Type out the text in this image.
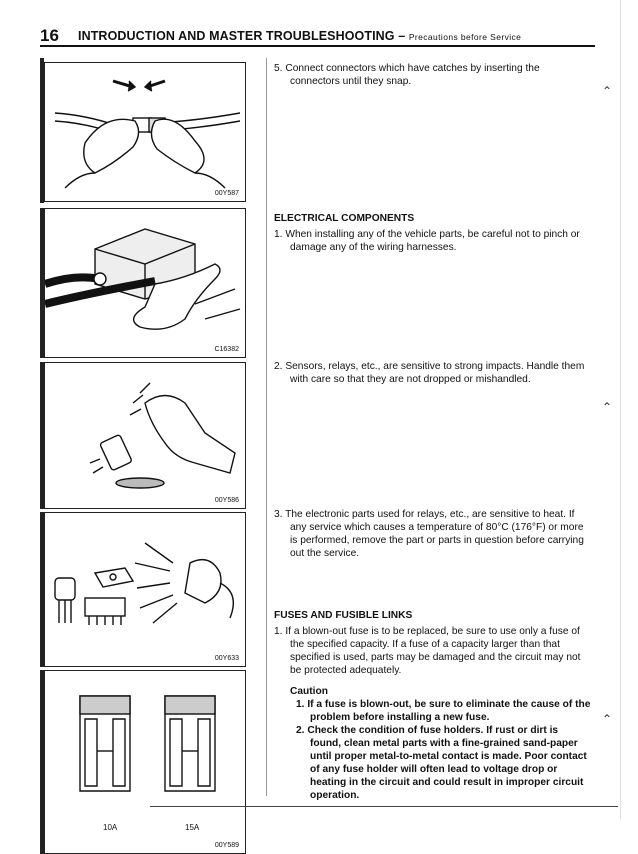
16 INTRODUCTION AND MASTER TROUBLESHOOTING – Precautions before Service
00Y587
C16382
00Y586
00Y633
10A	15A
00Y589

5. Connect connectors which have catches by inserting the connectors until they snap.

ELECTRICAL COMPONENTS

1. When installing any of the vehicle parts, be careful not to pinch or damage any of the wiring harnesses.

2. Sensors, relays, etc., are sensitive to strong impacts. Handle them with care so that they are not dropped or mishandled.

3. The electronic parts used for relays, etc., are sensitive to heat. If any service which causes a temperature of 80°C (176°F) or more is performed, remove the part or parts in question before carrying out the service.

FUSES AND FUSIBLE LINKS

1. If a blown-out fuse is to be replaced, be sure to use only a fuse of the specified capacity. If a fuse of a capacity larger than that specified is used, parts may be damaged and the circuit may not be protected adequately.

Caution

1. If a fuse is blown-out, be sure to eliminate the cause of the problem before installing a new fuse.

2. Check the condition of fuse holders. If rust or dirt is found, clean metal parts with a fine-grained sand-paper until proper metal-to-metal contact is made. Poor contact of any fuse holder will often lead to voltage drop or heating in the circuit and could result in improper circuit operation.

⌃
⌃
⌃
